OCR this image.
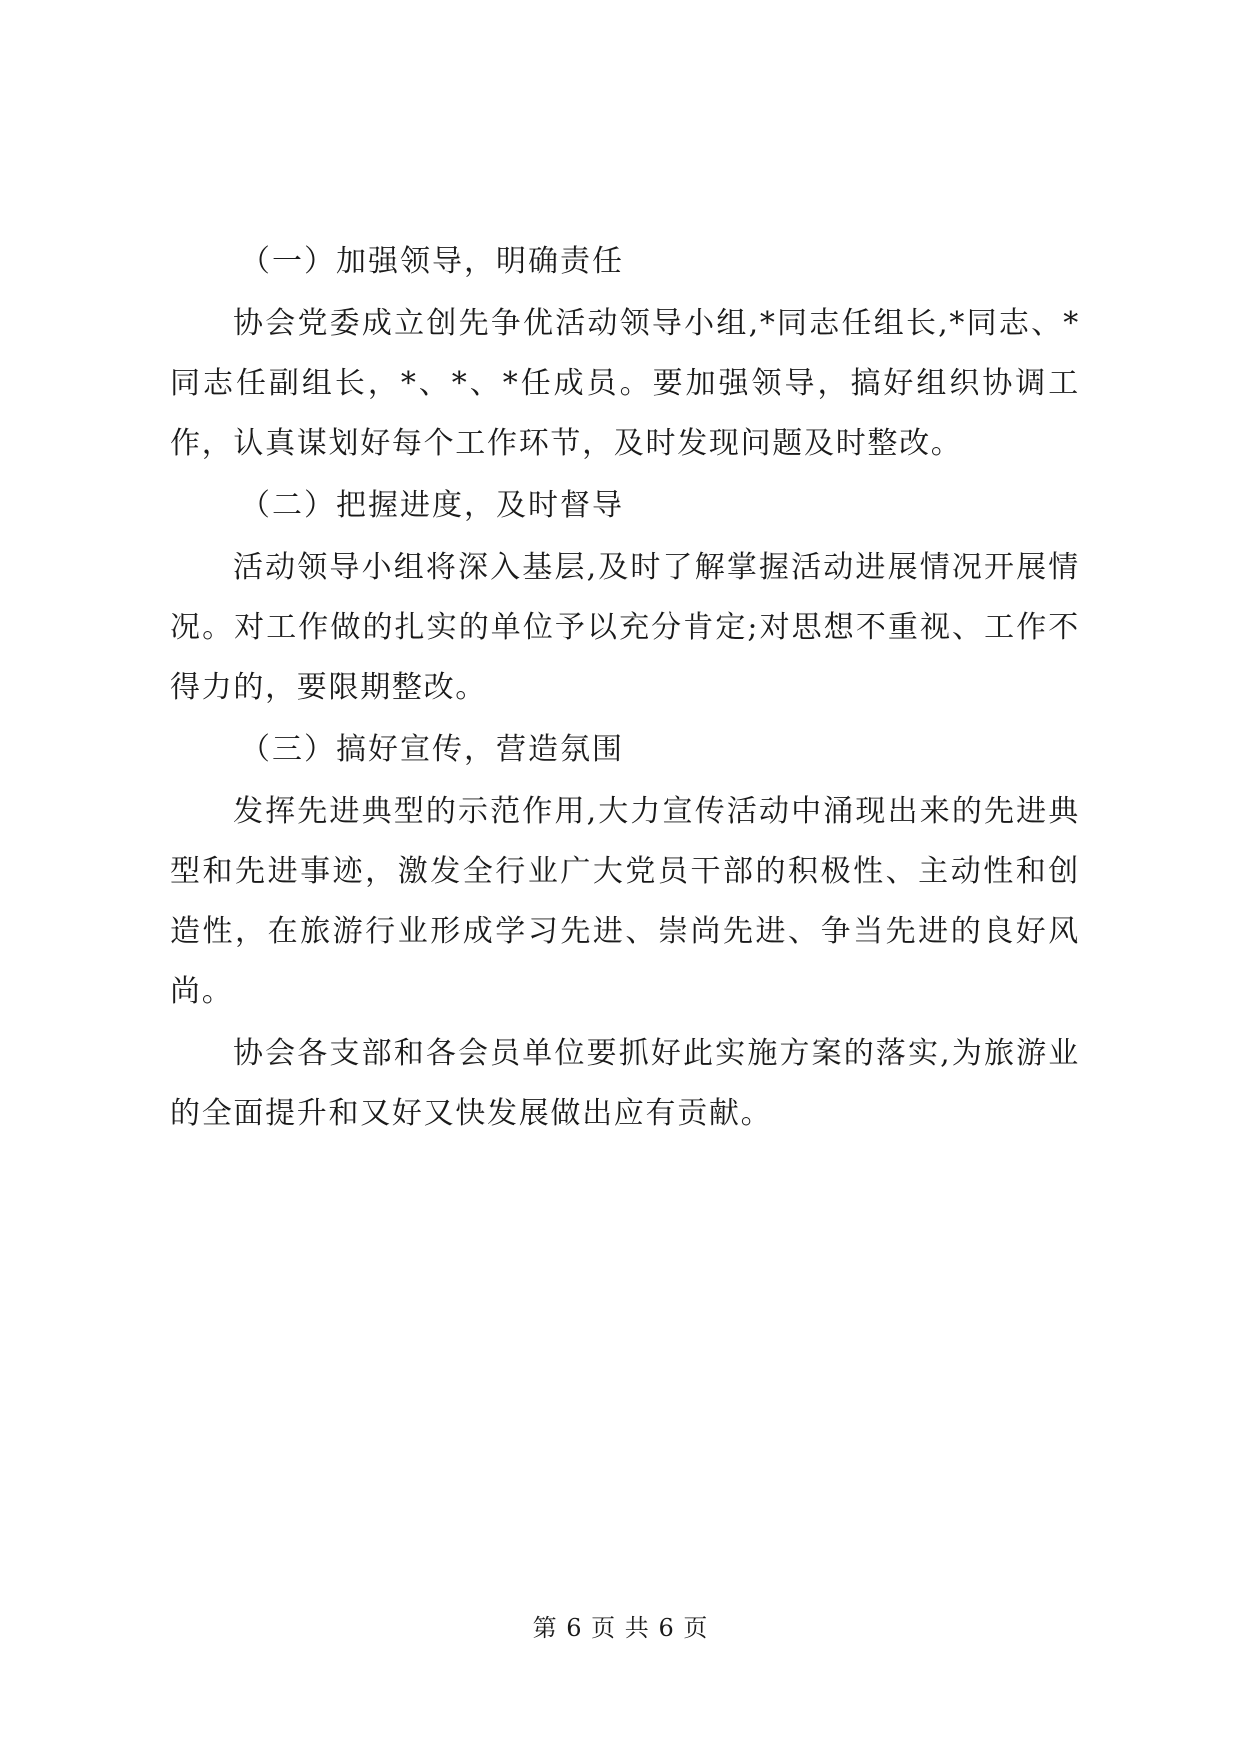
（一）加强领导，明确责任

协会党委成立创先争优活动领导小组,*同志任组长,*同志、*同志任副组长，*、*、*任成员。要加强领导，搞好组织协调工作，认真谋划好每个工作环节，及时发现问题及时整改。

（二）把握进度，及时督导

活动领导小组将深入基层,及时了解掌握活动进展情况开展情况。对工作做的扎实的单位予以充分肯定;对思想不重视、工作不得力的，要限期整改。

（三）搞好宣传，营造氛围

发挥先进典型的示范作用,大力宣传活动中涌现出来的先进典型和先进事迹，激发全行业广大党员干部的积极性、主动性和创造性，在旅游行业形成学习先进、崇尚先进、争当先进的良好风尚。

协会各支部和各会员单位要抓好此实施方案的落实,为旅游业的全面提升和又好又快发展做出应有贡献。

第 6 页 共 6 页
